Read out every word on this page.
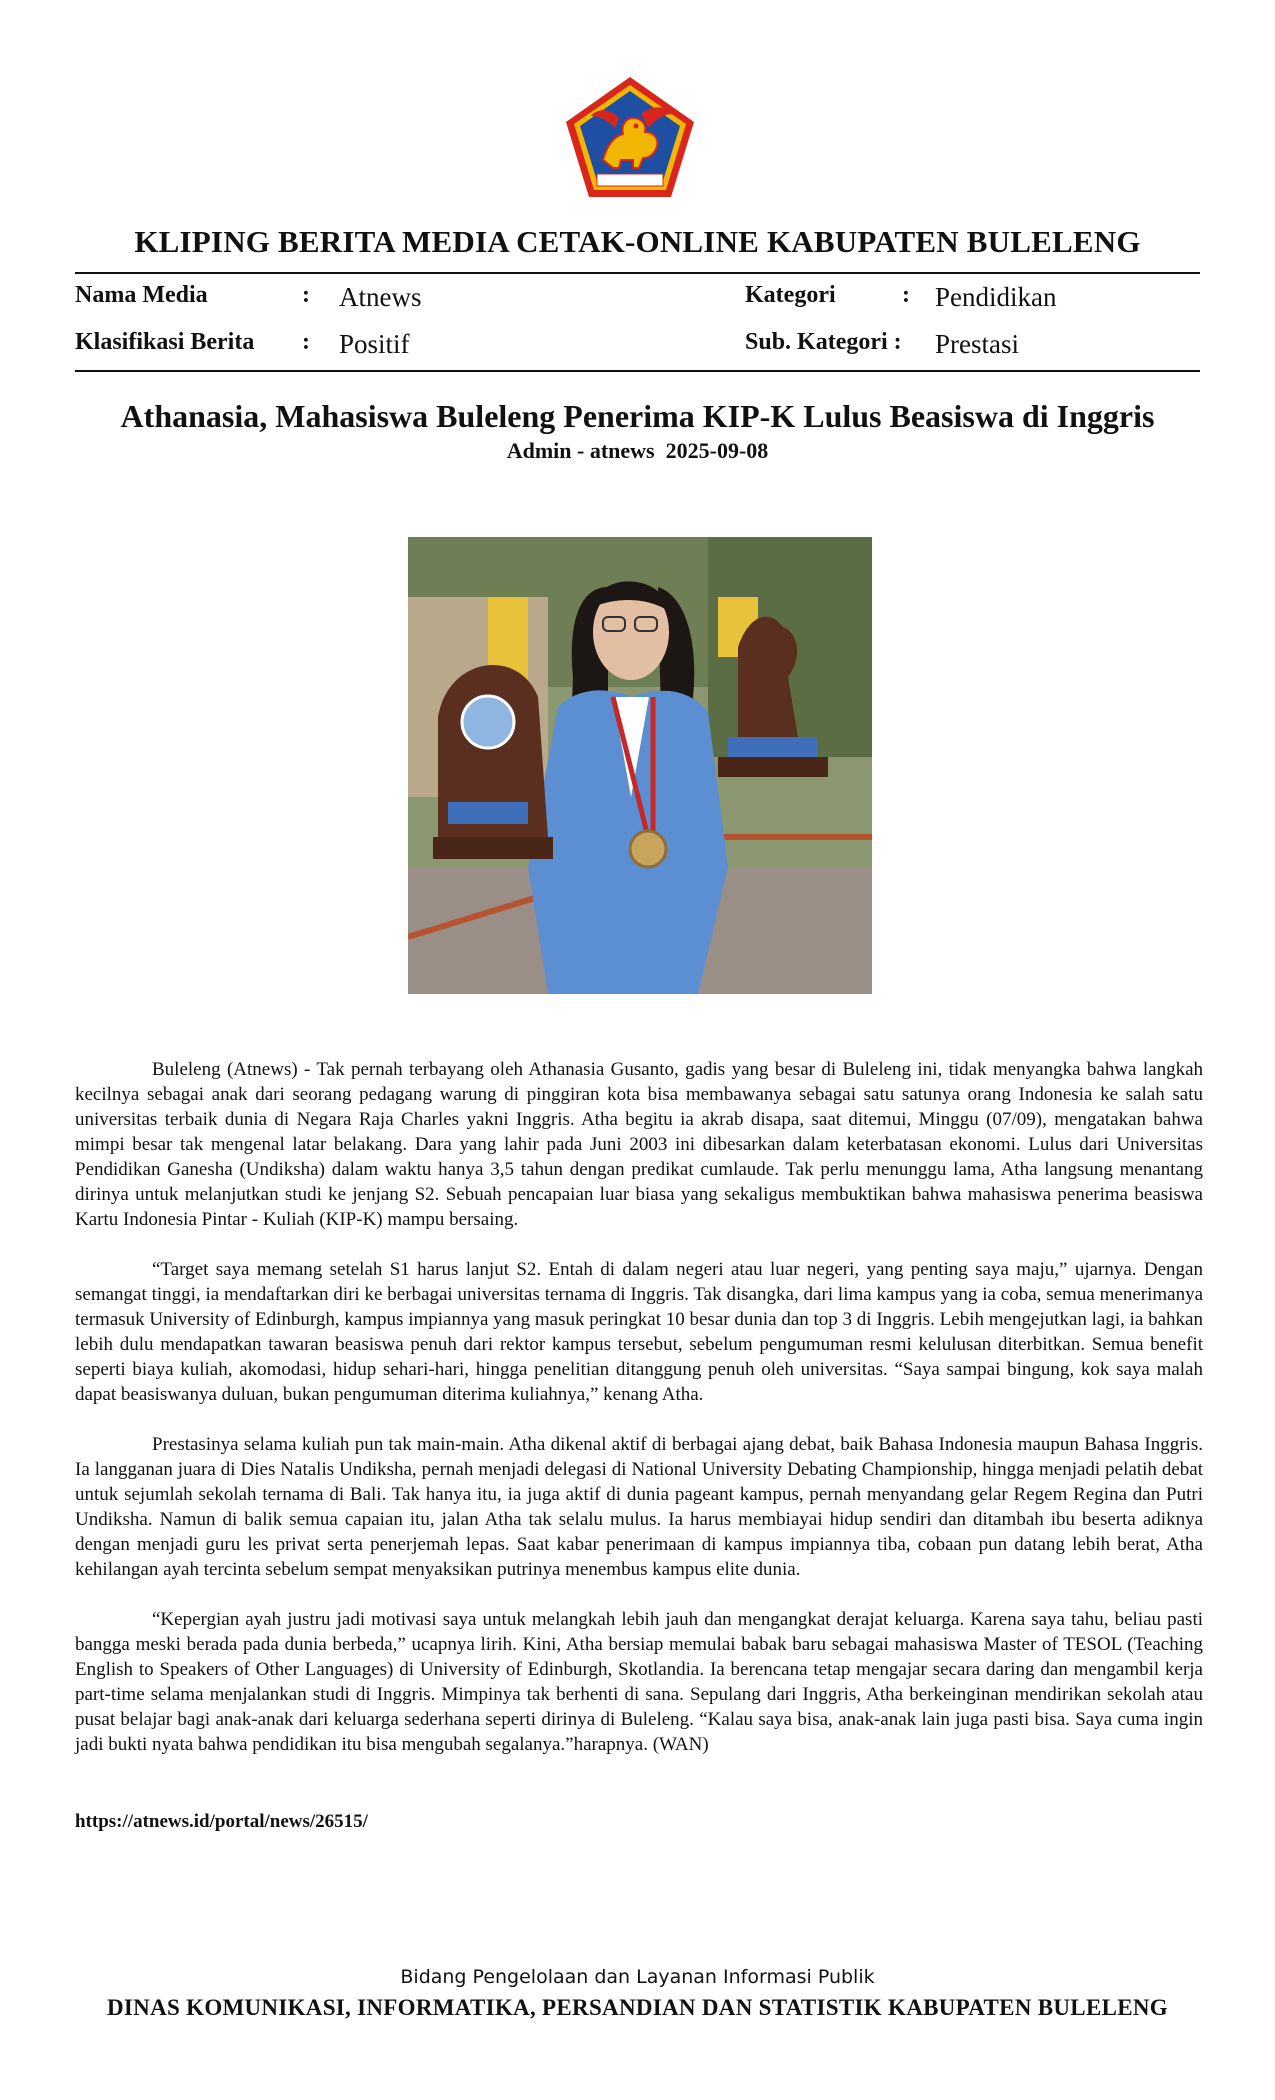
KLIPING BERITA MEDIA CETAK-ONLINE KABUPATEN BULELENG
Nama Media	: Atnews
Klasifikasi Berita : Positif
Kategori	: Pendidikan
Sub. Kategori : Prestasi
Athanasia, Mahasiswa Buleleng Penerima KIP-K Lulus Beasiswa di Inggris
Admin - atnews 2025-09-08

Buleleng (Atnews) - Tak pernah terbayang oleh Athanasia Gusanto, gadis yang besar di Buleleng ini, tidak menyangka bahwa langkah kecilnya sebagai anak dari seorang pedagang warung di pinggiran kota bisa membawanya sebagai satu satunya orang Indonesia ke salah satu universitas terbaik dunia di Negara Raja Charles yakni Inggris. Atha begitu ia akrab disapa, saat ditemui, Minggu (07/09), mengatakan bahwa mimpi besar tak mengenal latar belakang. Dara yang lahir pada Juni 2003 ini dibesarkan dalam keterbatasan ekonomi. Lulus dari Universitas Pendidikan Ganesha (Undiksha) dalam waktu hanya 3,5 tahun dengan predikat cumlaude. Tak perlu menunggu lama, Atha langsung menantang dirinya untuk melanjutkan studi ke jenjang S2. Sebuah pencapaian luar biasa yang sekaligus membuktikan bahwa mahasiswa penerima beasiswa Kartu Indonesia Pintar - Kuliah (KIP-K) mampu bersaing.

“Target saya memang setelah S1 harus lanjut S2. Entah di dalam negeri atau luar negeri, yang penting saya maju,” ujarnya. Dengan semangat tinggi, ia mendaftarkan diri ke berbagai universitas ternama di Inggris. Tak disangka, dari lima kampus yang ia coba, semua menerimanya termasuk University of Edinburgh, kampus impiannya yang masuk peringkat 10 besar dunia dan top 3 di Inggris. Lebih mengejutkan lagi, ia bahkan lebih dulu mendapatkan tawaran beasiswa penuh dari rektor kampus tersebut, sebelum pengumuman resmi kelulusan diterbitkan. Semua benefit seperti biaya kuliah, akomodasi, hidup sehari-hari, hingga penelitian ditanggung penuh oleh universitas. “Saya sampai bingung, kok saya malah dapat beasiswanya duluan, bukan pengumuman diterima kuliahnya,” kenang Atha.

Prestasinya selama kuliah pun tak main-main. Atha dikenal aktif di berbagai ajang debat, baik Bahasa Indonesia maupun Bahasa Inggris. Ia langganan juara di Dies Natalis Undiksha, pernah menjadi delegasi di National University Debating Championship, hingga menjadi pelatih debat untuk sejumlah sekolah ternama di Bali. Tak hanya itu, ia juga aktif di dunia pageant kampus, pernah menyandang gelar Regem Regina dan Putri Undiksha. Namun di balik semua capaian itu, jalan Atha tak selalu mulus. Ia harus membiayai hidup sendiri dan ditambah ibu beserta adiknya dengan menjadi guru les privat serta penerjemah lepas. Saat kabar penerimaan di kampus impiannya tiba, cobaan pun datang lebih berat, Atha kehilangan ayah tercinta sebelum sempat menyaksikan putrinya menembus kampus elite dunia.

“Kepergian ayah justru jadi motivasi saya untuk melangkah lebih jauh dan mengangkat derajat keluarga. Karena saya tahu, beliau pasti bangga meski berada pada dunia berbeda,” ucapnya lirih. Kini, Atha bersiap memulai babak baru sebagai mahasiswa Master of TESOL (Teaching English to Speakers of Other Languages) di University of Edinburgh, Skotlandia. Ia berencana tetap mengajar secara daring dan mengambil kerja part-time selama menjalankan studi di Inggris. Mimpinya tak berhenti di sana. Sepulang dari Inggris, Atha berkeinginan mendirikan sekolah atau pusat belajar bagi anak-anak dari keluarga sederhana seperti dirinya di Buleleng. “Kalau saya bisa, anak-anak lain juga pasti bisa. Saya cuma ingin jadi bukti nyata bahwa pendidikan itu bisa mengubah segalanya.”harapnya. (WAN)

https://atnews.id/portal/news/26515/
Bidang Pengelolaan dan Layanan Informasi Publik
DINAS KOMUNIKASI, INFORMATIKA, PERSANDIAN DAN STATISTIK KABUPATEN BULELENG
